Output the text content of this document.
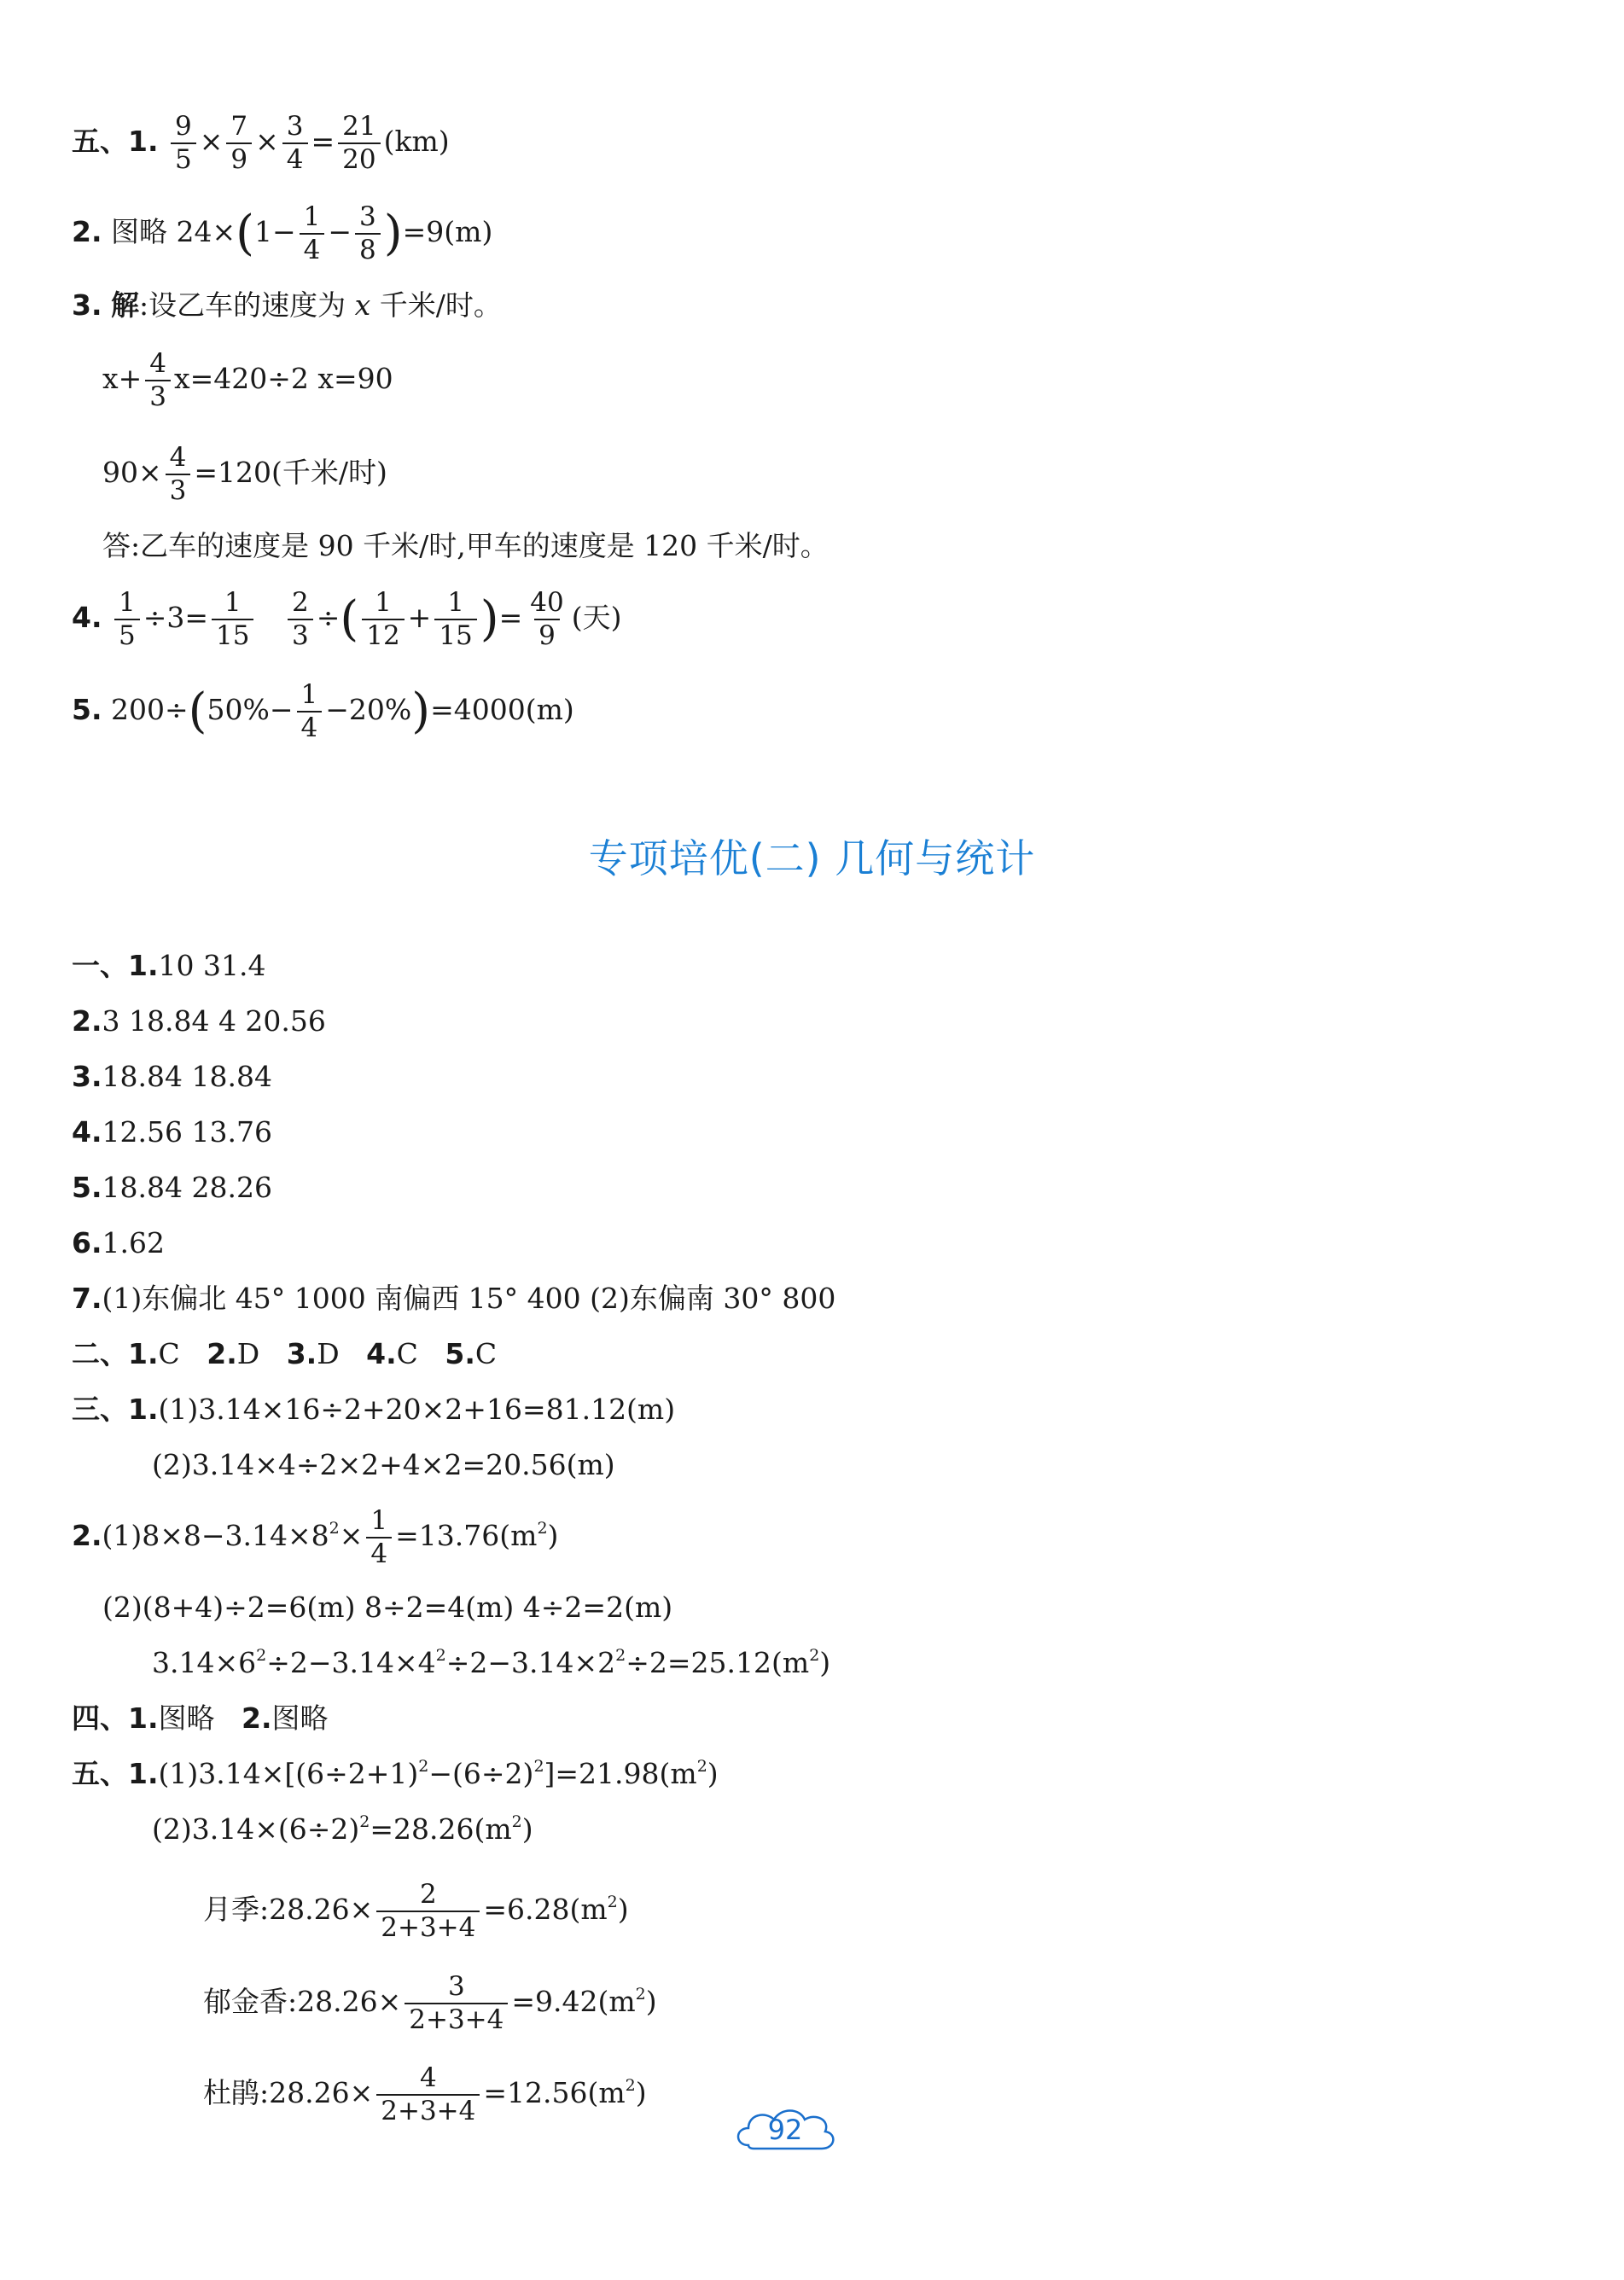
五、1. $\frac{9}{5} \times \frac{7}{9} \times \frac{3}{4} = \frac{21}{20} (km)$
2. 图略 $24\times(1- \frac{1}{4} - \frac{3}{8} )=9(m)$
3. 解:设乙车的速度为 x 千米/时。
$x+ \frac{4}{3} x=420\div 2$ x=90
$90\times \frac{4}{3} =120$(千米/时)
答:乙车的速度是 90 千米/时,甲车的速度是 120 千米/时。
4. $\frac{1}{5} \div 3= \frac{1}{15}$
$\frac{2}{3}$ ÷( $\frac{1}{12} + \frac{1}{15}$ )= $\frac{40}{9}$ (天)
5. $200\div(50\%- \frac{1}{4} -20\%)=4000(m)$
专项培优(二) 几何与统计
一、1.10 31.4
2.3 18.84 4 20.56
3.18.84 18.84
4.12.56 13.76
5.18.84 28.26
6.1.62
7.(1)东偏北 45° 1000 南偏西 15° 400 (2)东偏南 30° 800
二、1.C 2.D 3.D 4.C 5.C
三、1.(1)3.14×16÷2+20×2+16=81.12(m)
(2)3.14×4÷2×2+4×2=20.56(m)
$2.(1)8\times 8-3.14\times 8^2\times \frac{1}{4} =13.76(m^2)$
(2)(8+4)÷2=6(m) 8÷2=4(m) 4÷2=2(m)
$3.14\times 6^2\div 2-3.14\times 4^2\div 2-3.14\times 2^2\div 2=25.12(m^2)$
四、1.图略 2.图略
五、$1.(1)3.14\times[(6\div 2+1)^2-(6\div 2)^2]=21.98(m^2)$
$(2)3.14\times(6\div 2)^2=28.26(m^2)$
月季:28.26× $\frac{2}{2+3+4} =6.28(m^2)$
郁金香:28.26× $\frac{3}{2+3+4} =9.42(m^2)$
杜鹃:28.26× $\frac{4}{2+3+4} =12.56(m^2)$
92
